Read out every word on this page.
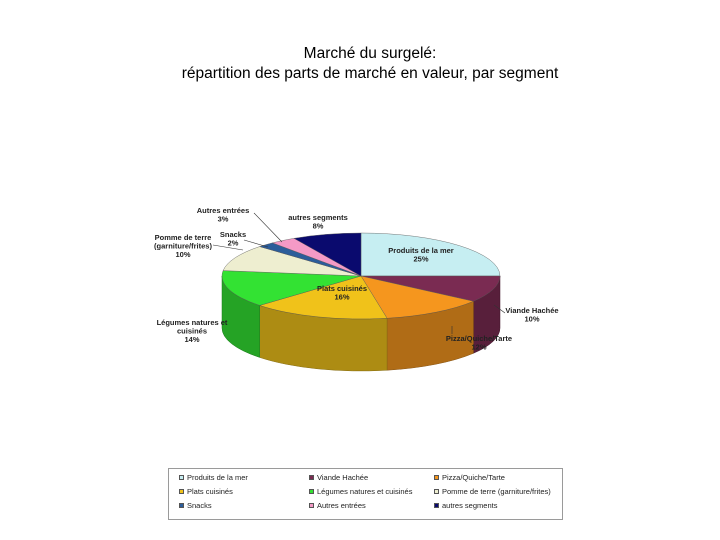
Marché du surgelé:
répartition des parts de marché en valeur, par segment
Produits de la mer 25%
Viande Hachée 10%
Pizza/Quiche/Tarte 12%
Plats cuisinés 16%
Légumes natures et cuisinés 14%
Pomme de terre (garniture/frites) 10%
Snacks 2%
Autres entrées 3%	autres segments 8%
Produits de la mer	Viande Hachée	Pizza/Quiche/Tarte
Plats cuisinés	Légumes natures et cuisinés	Pomme de terre (garniture/frites)
Snacks	Autres entrées	autres segments
